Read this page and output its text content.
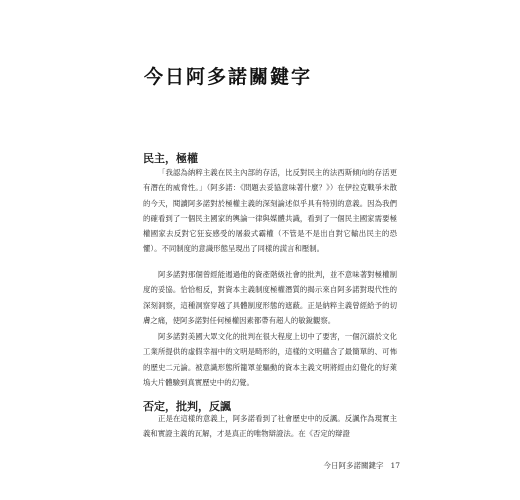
今日阿多諾關鍵字
民主，極權

「我認為納粹主義在民主內部的存活，比反對民主的法西斯傾向的存活更有潛在的威脅性。」（阿多諾：《問題去妥協意味著什麼？》）在伊拉克戰爭未散的今天，閱讀阿多諾對於極權主義的深刻論述似乎具有特別的意義。因為我們的確看到了一個民主國家的輿論一律與媒體共識，看到了一個民主國家需要極權國家去反對它狂妄感受的屠殺式霸權（不管是不是出自對它輸出民主的恐懼）。不同制度的意識形態呈現出了同樣的謊言和壓制。

阿多諾對那個曾經能遏過他的資產階級社會的批判，並不意味著對極權制度的妥協。恰恰相反，對資本主義制度極權潛質的揭示來自阿多諾對現代性的深刻洞察，這種洞察穿越了具體制度形態的遮蔽。正是納粹主義曾經給予的切膚之痛，使阿多諾對任何極權因素都帶有超人的敏銳觀察。

阿多諾對美國大眾文化的批判在很大程度上切中了要害，一個沉溺於文化工業所提供的虛假幸福中的文明是畸形的，這樣的文明蘊含了最簡單的、可怖的歷史二元論。被意識形態所籠罩並驅動的資本主義文明將經由幻覺化的好萊塢大片體驗到真實歷史中的幻覺。

否定，批判，反諷

正是在這樣的意義上，阿多諾看到了社會歷史中的反諷。反諷作為現實主義和實證主義的瓦解，才是真正的唯物辯證法。在《否定的辯證

今日阿多諾關鍵字 17
